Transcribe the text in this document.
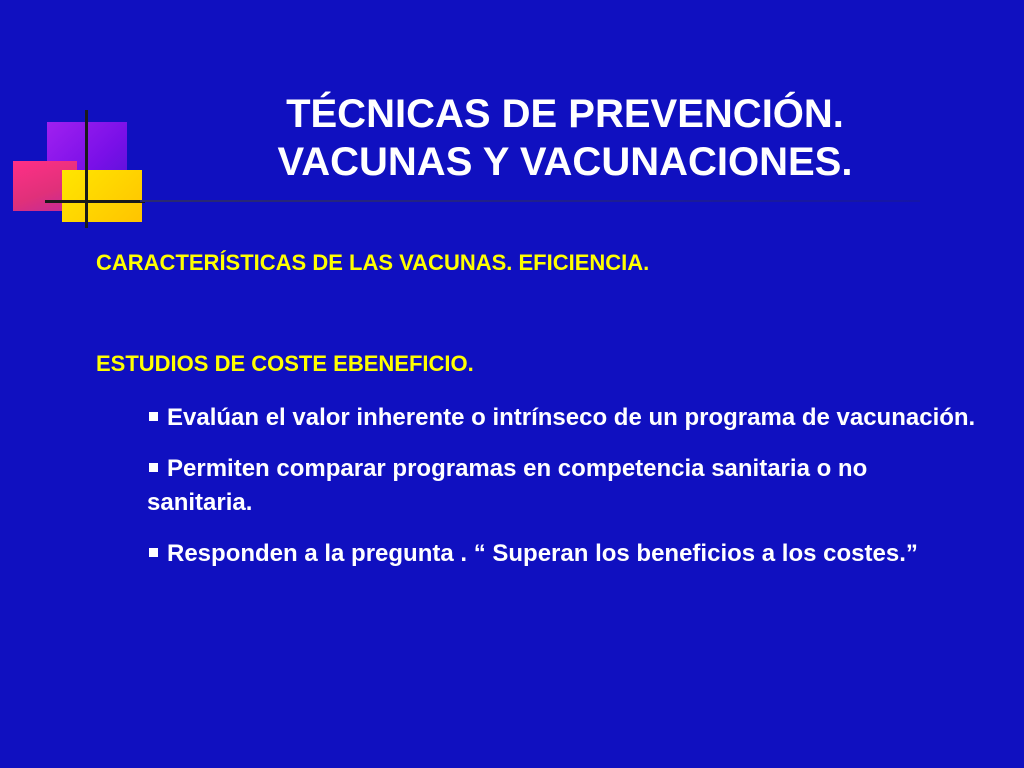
TÉCNICAS DE PREVENCIÓN.
VACUNAS Y VACUNACIONES.

CARACTERÍSTICAS DE LAS VACUNAS. EFICIENCIA.

ESTUDIOS DE COSTE EBENEFICIO.

Evalúan el valor inherente o intrínseco de un programa de vacunación.
Permiten comparar programas en competencia sanitaria o no sanitaria.
Responden a la pregunta . “ Superan los beneficios a los costes.”
